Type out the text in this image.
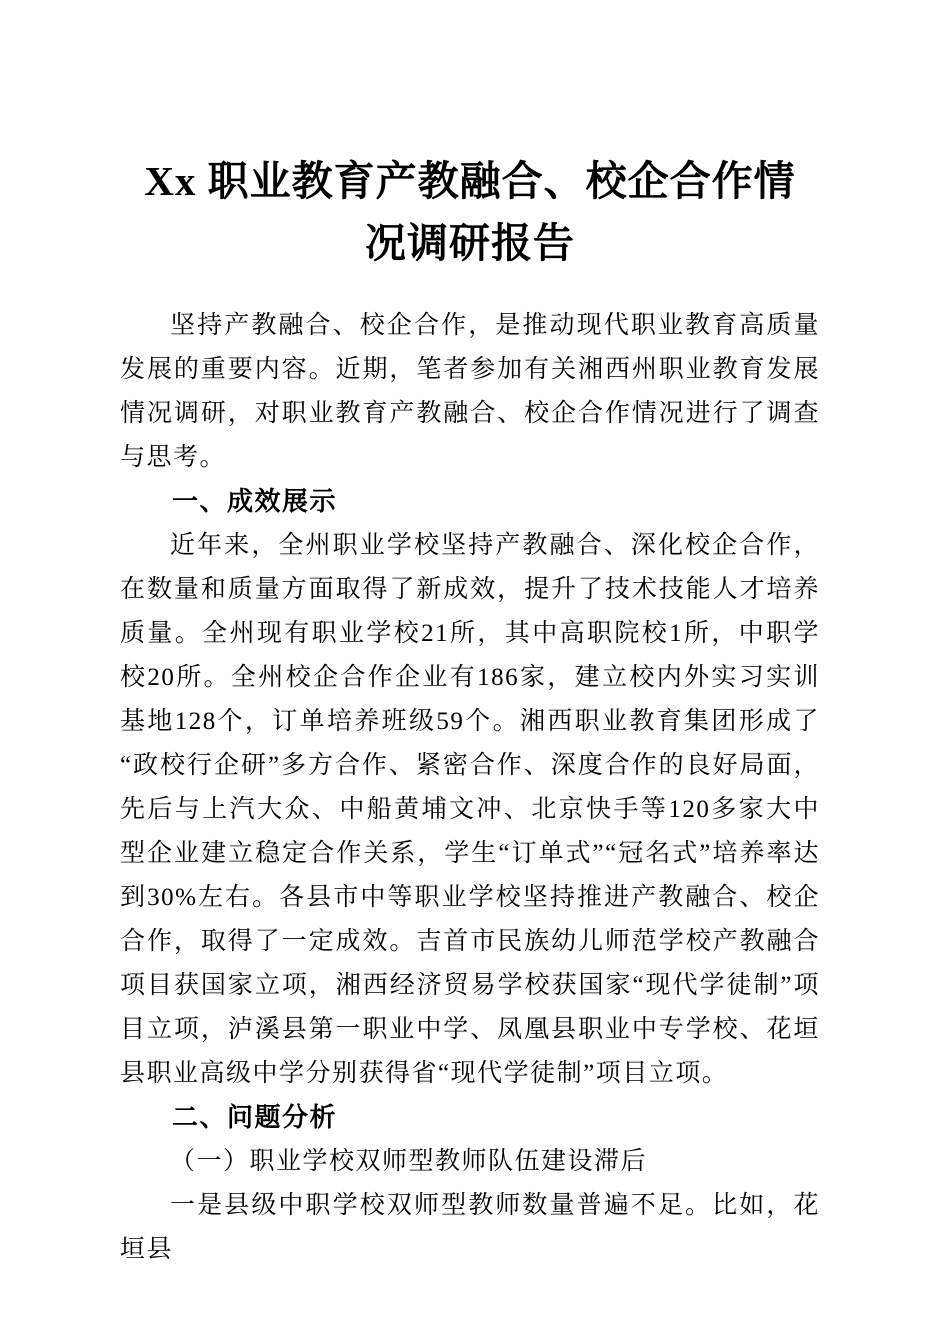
Xx 职业教育产教融合、校企合作情况调研报告

坚持产教融合、校企合作，是推动现代职业教育高质量发展的重要内容。近期，笔者参加有关湘西州职业教育发展情况调研，对职业教育产教融合、校企合作情况进行了调查与思考。

一、成效展示

近年来，全州职业学校坚持产教融合、深化校企合作，在数量和质量方面取得了新成效，提升了技术技能人才培养质量。全州现有职业学校21所，其中高职院校1所，中职学校20所。全州校企合作企业有186家，建立校内外实习实训基地128个，订单培养班级59个。湘西职业教育集团形成了“政校行企研”多方合作、紧密合作、深度合作的良好局面，先后与上汽大众、中船黄埔文冲、北京快手等120多家大中型企业建立稳定合作关系，学生“订单式”“冠名式”培养率达到30%左右。各县市中等职业学校坚持推进产教融合、校企合作，取得了一定成效。吉首市民族幼儿师范学校产教融合项目获国家立项，湘西经济贸易学校获国家“现代学徒制”项目立项，泸溪县第一职业中学、凤凰县职业中专学校、花垣县职业高级中学分别获得省“现代学徒制”项目立项。

二、问题分析

（一）职业学校双师型教师队伍建设滞后

一是县级中职学校双师型教师数量普遍不足。比如，花垣县
